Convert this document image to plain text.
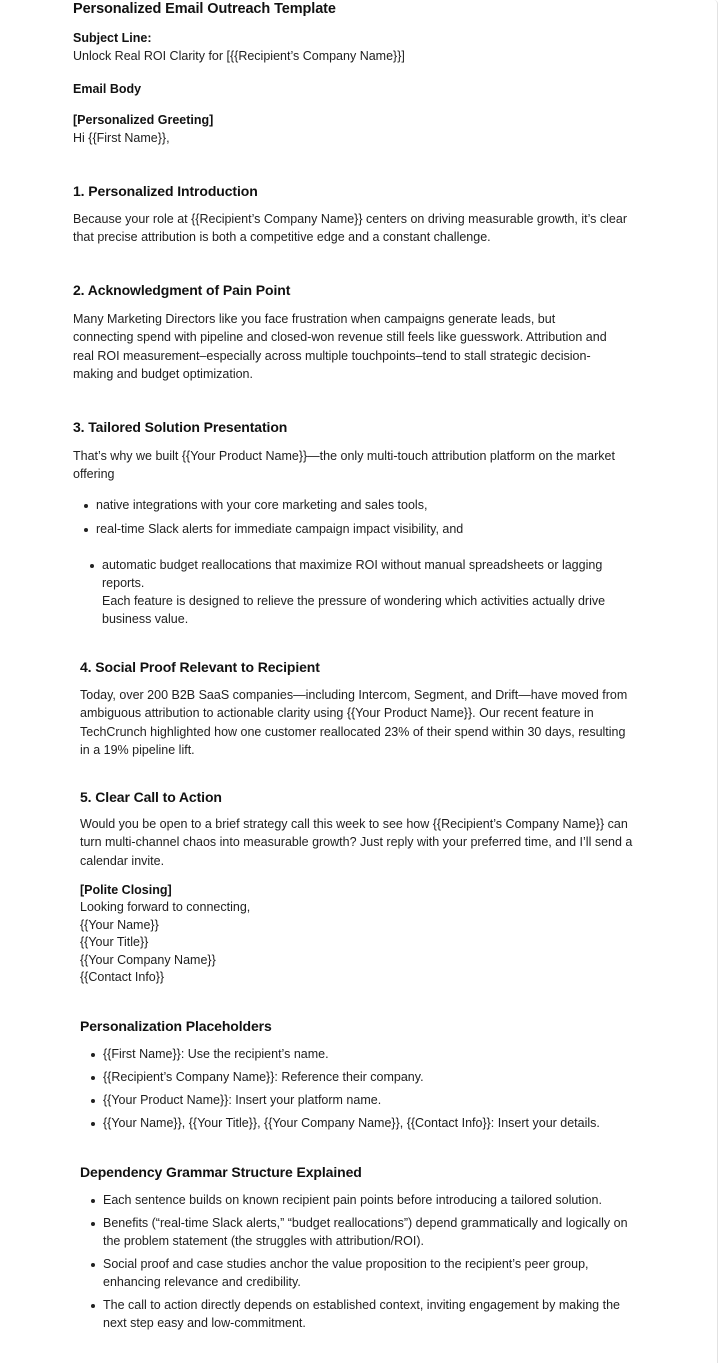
Personalized Email Outreach Template
Subject Line:
Unlock Real ROI Clarity for [{{Recipient’s Company Name}}]
Email Body
[Personalized Greeting]
Hi {{First Name}},
1. Personalized Introduction
Because your role at {{Recipient’s Company Name}} centers on driving measurable growth, it’s clear that precise attribution is both a competitive edge and a constant challenge.
2. Acknowledgment of Pain Point
Many Marketing Directors like you face frustration when campaigns generate leads, but connecting spend with pipeline and closed-won revenue still feels like guesswork. Attribution and real ROI measurement–especially across multiple touchpoints–tend to stall strategic decision-making and budget optimization.
3. Tailored Solution Presentation
That’s why we built {{Your Product Name}}—the only multi-touch attribution platform on the market offering
native integrations with your core marketing and sales tools,
real-time Slack alerts for immediate campaign impact visibility, and
automatic budget reallocations that maximize ROI without manual spreadsheets or lagging reports.
Each feature is designed to relieve the pressure of wondering which activities actually drive business value.
4. Social Proof Relevant to Recipient
Today, over 200 B2B SaaS companies—including Intercom, Segment, and Drift—have moved from ambiguous attribution to actionable clarity using {{Your Product Name}}. Our recent feature in TechCrunch highlighted how one customer reallocated 23% of their spend within 30 days, resulting in a 19% pipeline lift.
5. Clear Call to Action
Would you be open to a brief strategy call this week to see how {{Recipient’s Company Name}} can turn multi-channel chaos into measurable growth? Just reply with your preferred time, and I’ll send a calendar invite.
[Polite Closing]
Looking forward to connecting,
{{Your Name}}
{{Your Title}}
{{Your Company Name}}
{{Contact Info}}
Personalization Placeholders
{{First Name}}: Use the recipient’s name.
{{Recipient’s Company Name}}: Reference their company.
{{Your Product Name}}: Insert your platform name.
{{Your Name}}, {{Your Title}}, {{Your Company Name}}, {{Contact Info}}: Insert your details.
Dependency Grammar Structure Explained
Each sentence builds on known recipient pain points before introducing a tailored solution.
Benefits (“real-time Slack alerts,” “budget reallocations”) depend grammatically and logically on the problem statement (the struggles with attribution/ROI).
Social proof and case studies anchor the value proposition to the recipient’s peer group, enhancing relevance and credibility.
The call to action directly depends on established context, inviting engagement by making the next step easy and low-commitment.
